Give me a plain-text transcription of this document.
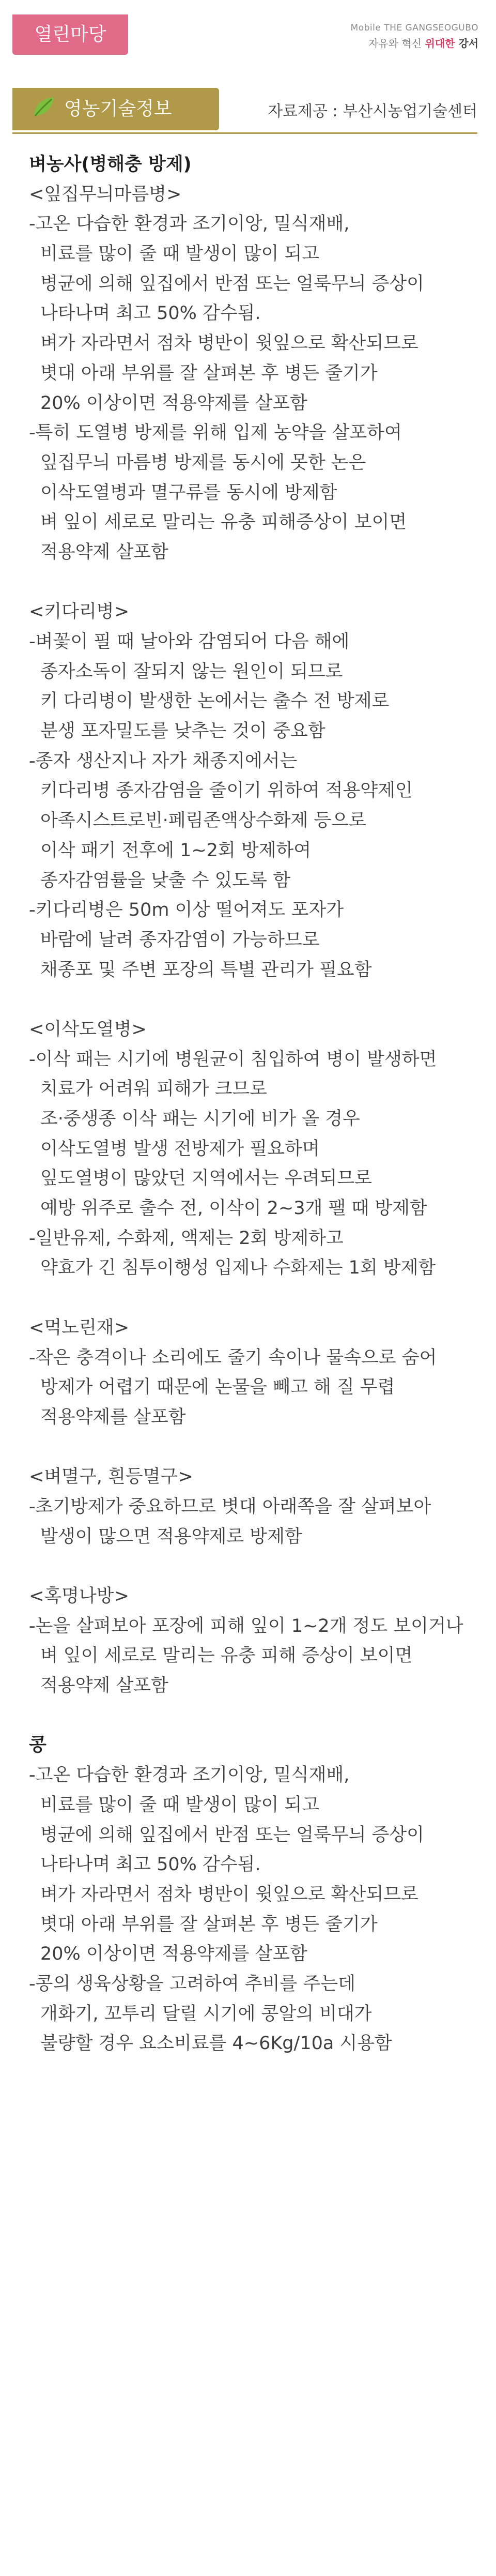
열린마당	Mobile THE GANGSEOGUBO
자유와 혁신 위대한 강서
영농기술정보	자료제공 : 부산시농업기술센터
벼농사(병해충 방제)
<잎집무늬마름병>
-고온 다습한 환경과 조기이앙, 밀식재배,
비료를 많이 줄 때 발생이 많이 되고
병균에 의해 잎집에서 반점 또는 얼룩무늬 증상이
나타나며 최고 50% 감수됨.
벼가 자라면서 점차 병반이 윗잎으로 확산되므로
볏대 아래 부위를 잘 살펴본 후 병든 줄기가
20% 이상이면 적용약제를 살포함
-특히 도열병 방제를 위해 입제 농약을 살포하여
잎집무늬 마름병 방제를 동시에 못한 논은
이삭도열병과 멸구류를 동시에 방제함
벼 잎이 세로로 말리는 유충 피해증상이 보이면
적용약제 살포함
<키다리병>
-벼꽃이 필 때 날아와 감염되어 다음 해에
종자소독이 잘되지 않는 원인이 되므로
키 다리병이 발생한 논에서는 출수 전 방제로
분생 포자밀도를 낮추는 것이 중요함
-종자 생산지나 자가 채종지에서는
키다리병 종자감염을 줄이기 위하여 적용약제인
아족시스트로빈·페림존액상수화제 등으로
이삭 패기 전후에 1~2회 방제하여
종자감염률을 낮출 수 있도록 함
-키다리병은 50m 이상 떨어져도 포자가
바람에 날려 종자감염이 가능하므로
채종포 및 주변 포장의 특별 관리가 필요함
<이삭도열병>
-이삭 패는 시기에 병원균이 침입하여 병이 발생하면
치료가 어려워 피해가 크므로
조·중생종 이삭 패는 시기에 비가 올 경우
이삭도열병 발생 전방제가 필요하며
잎도열병이 많았던 지역에서는 우려되므로
예방 위주로 출수 전, 이삭이 2~3개 팰 때 방제함
-일반유제, 수화제, 액제는 2회 방제하고
약효가 긴 침투이행성 입제나 수화제는 1회 방제함
<먹노린재>
-작은 충격이나 소리에도 줄기 속이나 물속으로 숨어
방제가 어렵기 때문에 논물을 빼고 해 질 무렵
적용약제를 살포함
<벼멸구, 흰등멸구>
-초기방제가 중요하므로 볏대 아래쪽을 잘 살펴보아
발생이 많으면 적용약제로 방제함
<혹명나방>
-논을 살펴보아 포장에 피해 잎이 1~2개 정도 보이거나
벼 잎이 세로로 말리는 유충 피해 증상이 보이면
적용약제 살포함
콩
-고온 다습한 환경과 조기이앙, 밀식재배,
비료를 많이 줄 때 발생이 많이 되고
병균에 의해 잎집에서 반점 또는 얼룩무늬 증상이
나타나며 최고 50% 감수됨.
벼가 자라면서 점차 병반이 윗잎으로 확산되므로
볏대 아래 부위를 잘 살펴본 후 병든 줄기가
20% 이상이면 적용약제를 살포함
-콩의 생육상황을 고려하여 추비를 주는데
개화기, 꼬투리 달릴 시기에 콩알의 비대가
불량할 경우 요소비료를 4~6Kg/10a 시용함
